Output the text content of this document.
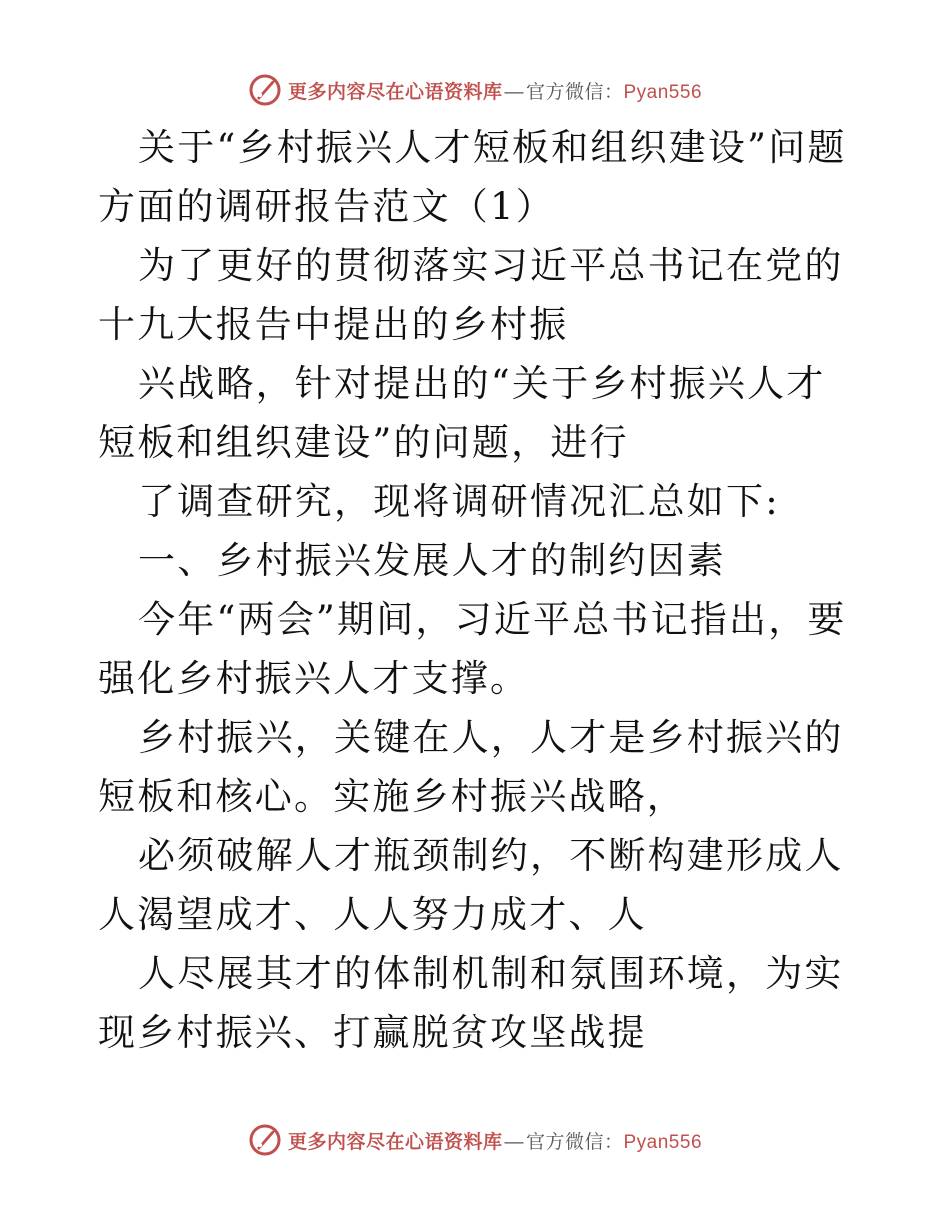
更多内容尽在心语资料库 — 官方微信：Pyan556

关于“乡村振兴人才短板和组织建设”问题方面的调研报告范文（1）

为了更好的贯彻落实习近平总书记在党的十九大报告中提出的乡村振

兴战略，针对提出的“关于乡村振兴人才短板和组织建设”的问题，进行

了调查研究，现将调研情况汇总如下:

一、乡村振兴发展人才的制约因素

今年“两会”期间，习近平总书记指出，要强化乡村振兴人才支撑。

乡村振兴，关键在人，人才是乡村振兴的短板和核心。实施乡村振兴战略，

必须破解人才瓶颈制约，不断构建形成人人渴望成才、人人努力成才、人

人尽展其才的体制机制和氛围环境，为实现乡村振兴、打赢脱贫攻坚战提

更多内容尽在心语资料库 — 官方微信：Pyan556
